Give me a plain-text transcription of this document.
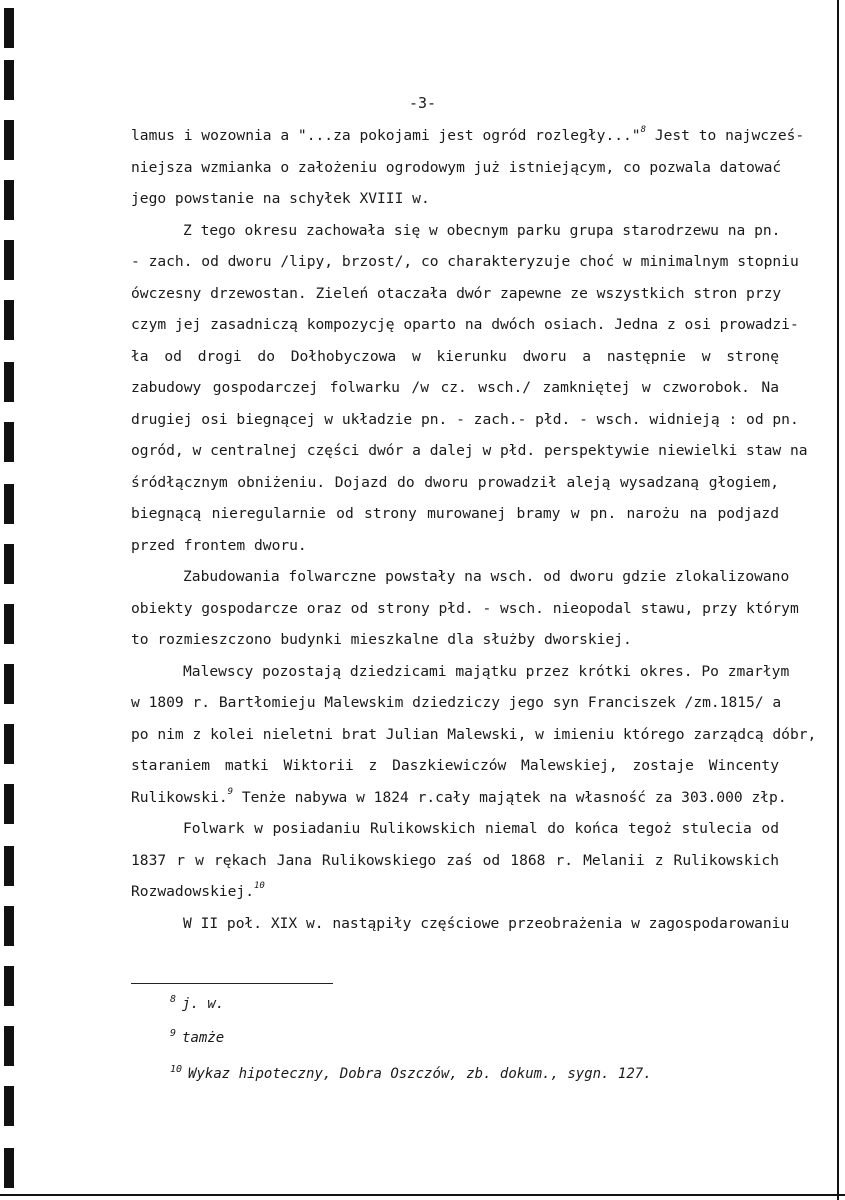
-3-
lamus i wozownia a "...za pokojami jest ogród rozległy..."$^8$ Jest to najwcześ-
niejsza wzmianka o założeniu ogrodowym już istniejącym, co pozwala datować
jego powstanie na schyłek XVIII w.
Z tego okresu zachowała się w obecnym parku grupa starodrzewu na pn.
- zach. od dworu /lipy, brzost/, co charakteryzuje choć w minimalnym stopniu
ówczesny drzewostan. Zieleń otaczała dwór zapewne ze wszystkich stron przy
czym jej zasadniczą kompozycję oparto na dwóch osiach. Jedna z osi prowadzi-
ła od drogi do Dołhobyczowa w kierunku dworu a następnie w stronę
zabudowy gospodarczej folwarku /w cz. wsch./ zamkniętej w czworobok. Na
drugiej osi biegnącej w układzie pn. - zach.- płd. - wsch. widnieją : od pn.
ogród, w centralnej części dwór a dalej w płd. perspektywie niewielki staw na
śródłącznym obniżeniu. Dojazd do dworu prowadził aleją wysadzaną głogiem,
biegnącą nieregularnie od strony murowanej bramy w pn. narożu na podjazd
przed frontem dworu.
Zabudowania folwarczne powstały na wsch. od dworu gdzie zlokalizowano
obiekty gospodarcze oraz od strony płd. - wsch. nieopodal stawu, przy którym
to rozmieszczono budynki mieszkalne dla służby dworskiej.
Malewscy pozostają dziedzicami majątku przez krótki okres. Po zmarłym
w 1809 r. Bartłomieju Malewskim dziedziczy jego syn Franciszek /zm.1815/ a
po nim z kolei nieletni brat Julian Malewski, w imieniu którego zarządcą dóbr,
staraniem matki Wiktorii z Daszkiewiczów Malewskiej, zostaje Wincenty
Rulikowski.$^9$ Tenże nabywa w 1824 r.cały majątek na własność za 303.000 złp.
Folwark w posiadaniu Rulikowskich niemal do końca tegoż stulecia od
1837 r w rękach Jana Rulikowskiego zaś od 1868 r. Melanii z Rulikowskich
Rozwadowskiej.$^{10}$
W II poł. XIX w. nastąpiły częściowe przeobrażenia w zagospodarowaniu
$^8$ j. w.
$^9$ tamże
$^{10}$ Wykaz hipoteczny, Dobra Oszczów, zb. dokum., sygn. 127.
